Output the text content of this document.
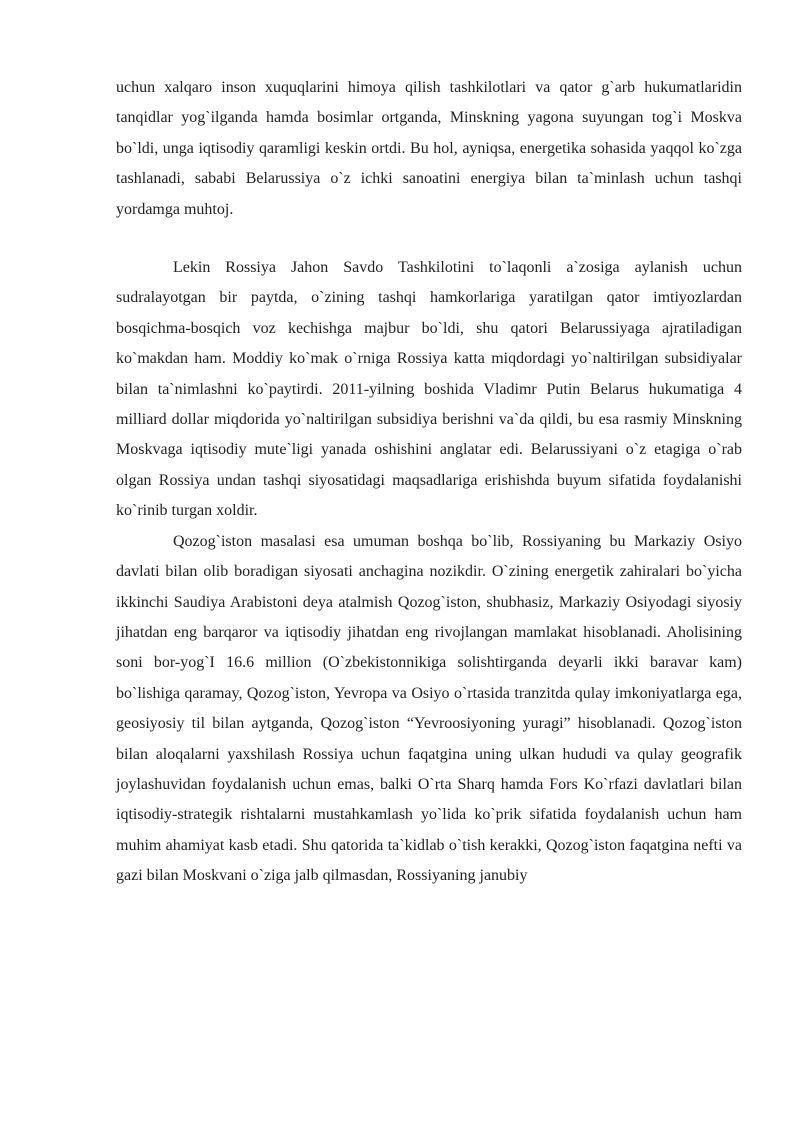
uchun xalqaro inson xuquqlarini himoya qilish tashkilotlari va qator g`arb hukumatlaridin tanqidlar yog`ilganda hamda bosimlar ortganda, Minskning yagona suyungan tog`i Moskva bo`ldi, unga iqtisodiy qaramligi keskin ortdi. Bu hol, ayniqsa, energetika sohasida yaqqol ko`zga tashlanadi, sababi Belarussiya o`z ichki sanoatini energiya bilan ta`minlash uchun tashqi yordamga muhtoj.

Lekin Rossiya Jahon Savdo Tashkilotini to`laqonli a`zosiga aylanish uchun sudralayotgan bir paytda, o`zining tashqi hamkorlariga yaratilgan qator imtiyozlardan bosqichma-bosqich voz kechishga majbur bo`ldi, shu qatori Belarussiyaga ajratiladigan ko`makdan ham. Moddiy ko`mak o`rniga Rossiya katta miqdordagi yo`naltirilgan subsidiyalar bilan ta`nimlashni ko`paytirdi. 2011-yilning boshida Vladimr Putin Belarus hukumatiga 4 milliard dollar miqdorida yo`naltirilgan subsidiya berishni va`da qildi, bu esa rasmiy Minskning Moskvaga iqtisodiy mute`ligi yanada oshishini anglatar edi. Belarussiyani o`z etagiga o`rab olgan Rossiya undan tashqi siyosatidagi maqsadlariga erishishda buyum sifatida foydalanishi ko`rinib turgan xoldir.

Qozog`iston masalasi esa umuman boshqa bo`lib, Rossiyaning bu Markaziy Osiyo davlati bilan olib boradigan siyosati anchagina nozikdir. O`zining energetik zahiralari bo`yicha ikkinchi Saudiya Arabistoni deya atalmish Qozog`iston, shubhasiz, Markaziy Osiyodagi siyosiy jihatdan eng barqaror va iqtisodiy jihatdan eng rivojlangan mamlakat hisoblanadi. Aholisining soni bor-yog`I 16.6 million (O`zbekistonnikiga solishtirganda deyarli ikki baravar kam) bo`lishiga qaramay, Qozog`iston, Yevropa va Osiyo o`rtasida tranzitda qulay imkoniyatlarga ega, geosiyosiy til bilan aytganda, Qozog`iston “Yevroosiyoning yuragi” hisoblanadi. Qozog`iston bilan aloqalarni yaxshilash Rossiya uchun faqatgina uning ulkan hududi va qulay geografik joylashuvidan foydalanish uchun emas, balki O`rta Sharq hamda Fors Ko`rfazi davlatlari bilan iqtisodiy-strategik rishtalarni mustahkamlash yo`lida ko`prik sifatida foydalanish uchun ham muhim ahamiyat kasb etadi. Shu qatorida ta`kidlab o`tish kerakki, Qozog`iston faqatgina nefti va gazi bilan Moskvani o`ziga jalb qilmasdan, Rossiyaning janubiy
